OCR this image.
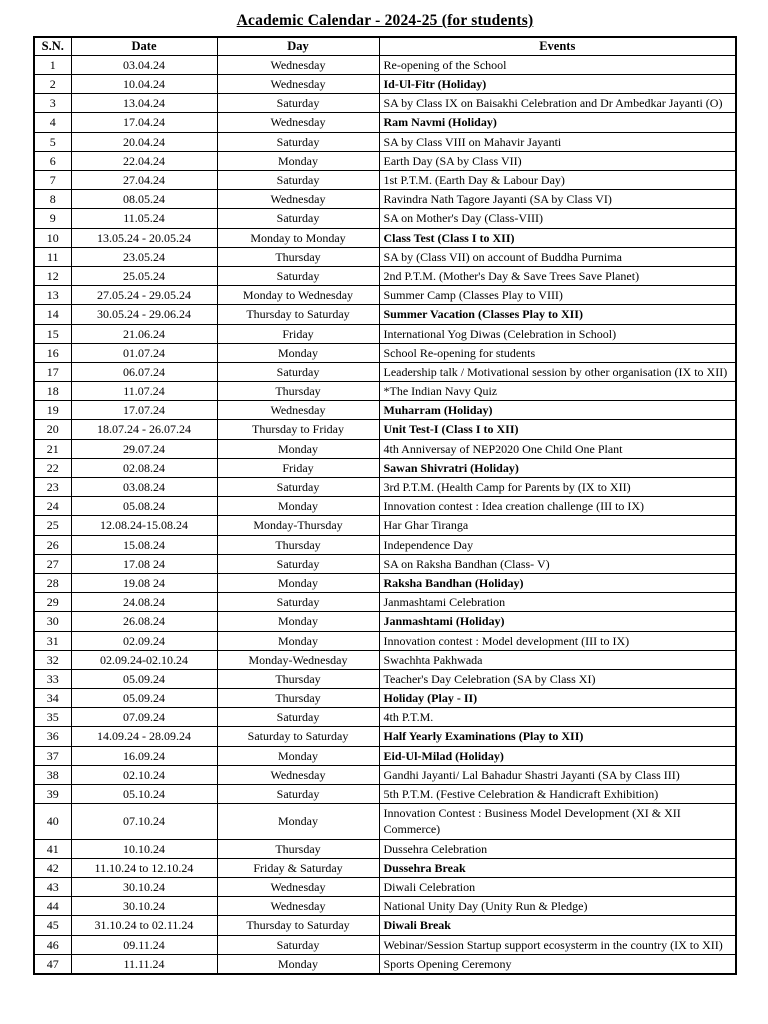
Academic Calendar - 2024-25 (for students)
S.N.	Date	Day	Events
1	03.04.24	Wednesday	Re-opening of the School
2	10.04.24	Wednesday	Id-Ul-Fitr (Holiday)
3	13.04.24	Saturday	SA by Class IX on Baisakhi Celebration and Dr Ambedkar Jayanti (O)
4	17.04.24	Wednesday	Ram Navmi (Holiday)
5	20.04.24	Saturday	SA by Class VIII on Mahavir Jayanti
6	22.04.24	Monday	Earth Day (SA by Class VII)
7	27.04.24	Saturday	1st P.T.M. (Earth Day & Labour Day)
8	08.05.24	Wednesday	Ravindra Nath Tagore Jayanti (SA by Class VI)
9	11.05.24	Saturday	SA on Mother's Day (Class-VIII)
10	13.05.24 - 20.05.24	Monday to Monday	Class Test (Class I to XII)
11	23.05.24	Thursday	SA by (Class VII) on account of Buddha Purnima
12	25.05.24	Saturday	2nd P.T.M. (Mother's Day & Save Trees Save Planet)
13	27.05.24 - 29.05.24	Monday to Wednesday	Summer Camp (Classes Play to VIII)
14	30.05.24 - 29.06.24	Thursday to Saturday	Summer Vacation (Classes Play to XII)
15	21.06.24	Friday	International Yog Diwas (Celebration in School)
16	01.07.24	Monday	School Re-opening for students
17	06.07.24	Saturday	Leadership talk / Motivational session by other organisation (IX to XII)
18	11.07.24	Thursday	*The Indian Navy Quiz
19	17.07.24	Wednesday	Muharram (Holiday)
20	18.07.24 - 26.07.24	Thursday to Friday	Unit Test-I (Class I to XII)
21	29.07.24	Monday	4th Anniversay of NEP2020 One Child One Plant
22	02.08.24	Friday	Sawan Shivratri (Holiday)
23	03.08.24	Saturday	3rd P.T.M. (Health Camp for Parents by (IX to XII)
24	05.08.24	Monday	Innovation contest : Idea creation challenge (III to IX)
25	12.08.24-15.08.24	Monday-Thursday	Har Ghar Tiranga
26	15.08.24	Thursday	Independence Day
27	17.08 24	Saturday	SA on Raksha Bandhan (Class- V)
28	19.08 24	Monday	Raksha Bandhan (Holiday)
29	24.08.24	Saturday	Janmashtami Celebration
30	26.08.24	Monday	Janmashtami (Holiday)
31	02.09.24	Monday	Innovation contest : Model development (III to IX)
32	02.09.24-02.10.24	Monday-Wednesday	Swachhta Pakhwada
33	05.09.24	Thursday	Teacher's Day Celebration (SA by Class XI)
34	05.09.24	Thursday	Holiday (Play - II)
35	07.09.24	Saturday	4th P.T.M.
36	14.09.24 - 28.09.24	Saturday to Saturday	Half Yearly Examinations (Play to XII)
37	16.09.24	Monday	Eid-Ul-Milad (Holiday)
38	02.10.24	Wednesday	Gandhi Jayanti/ Lal Bahadur Shastri Jayanti (SA by Class III)
39	05.10.24	Saturday	5th P.T.M. (Festive Celebration & Handicraft Exhibition)
40	07.10.24	Monday	Innovation Contest : Business Model Development (XI & XII Commerce)
41	10.10.24	Thursday	Dussehra Celebration
42	11.10.24 to 12.10.24	Friday & Saturday	Dussehra Break
43	30.10.24	Wednesday	Diwali Celebration
44	30.10.24	Wednesday	National Unity Day (Unity Run & Pledge)
45	31.10.24 to 02.11.24	Thursday to Saturday	Diwali Break
46	09.11.24	Saturday	Webinar/Session Startup support ecosysterm in the country (IX to XII)
47	11.11.24	Monday	Sports Opening Ceremony
